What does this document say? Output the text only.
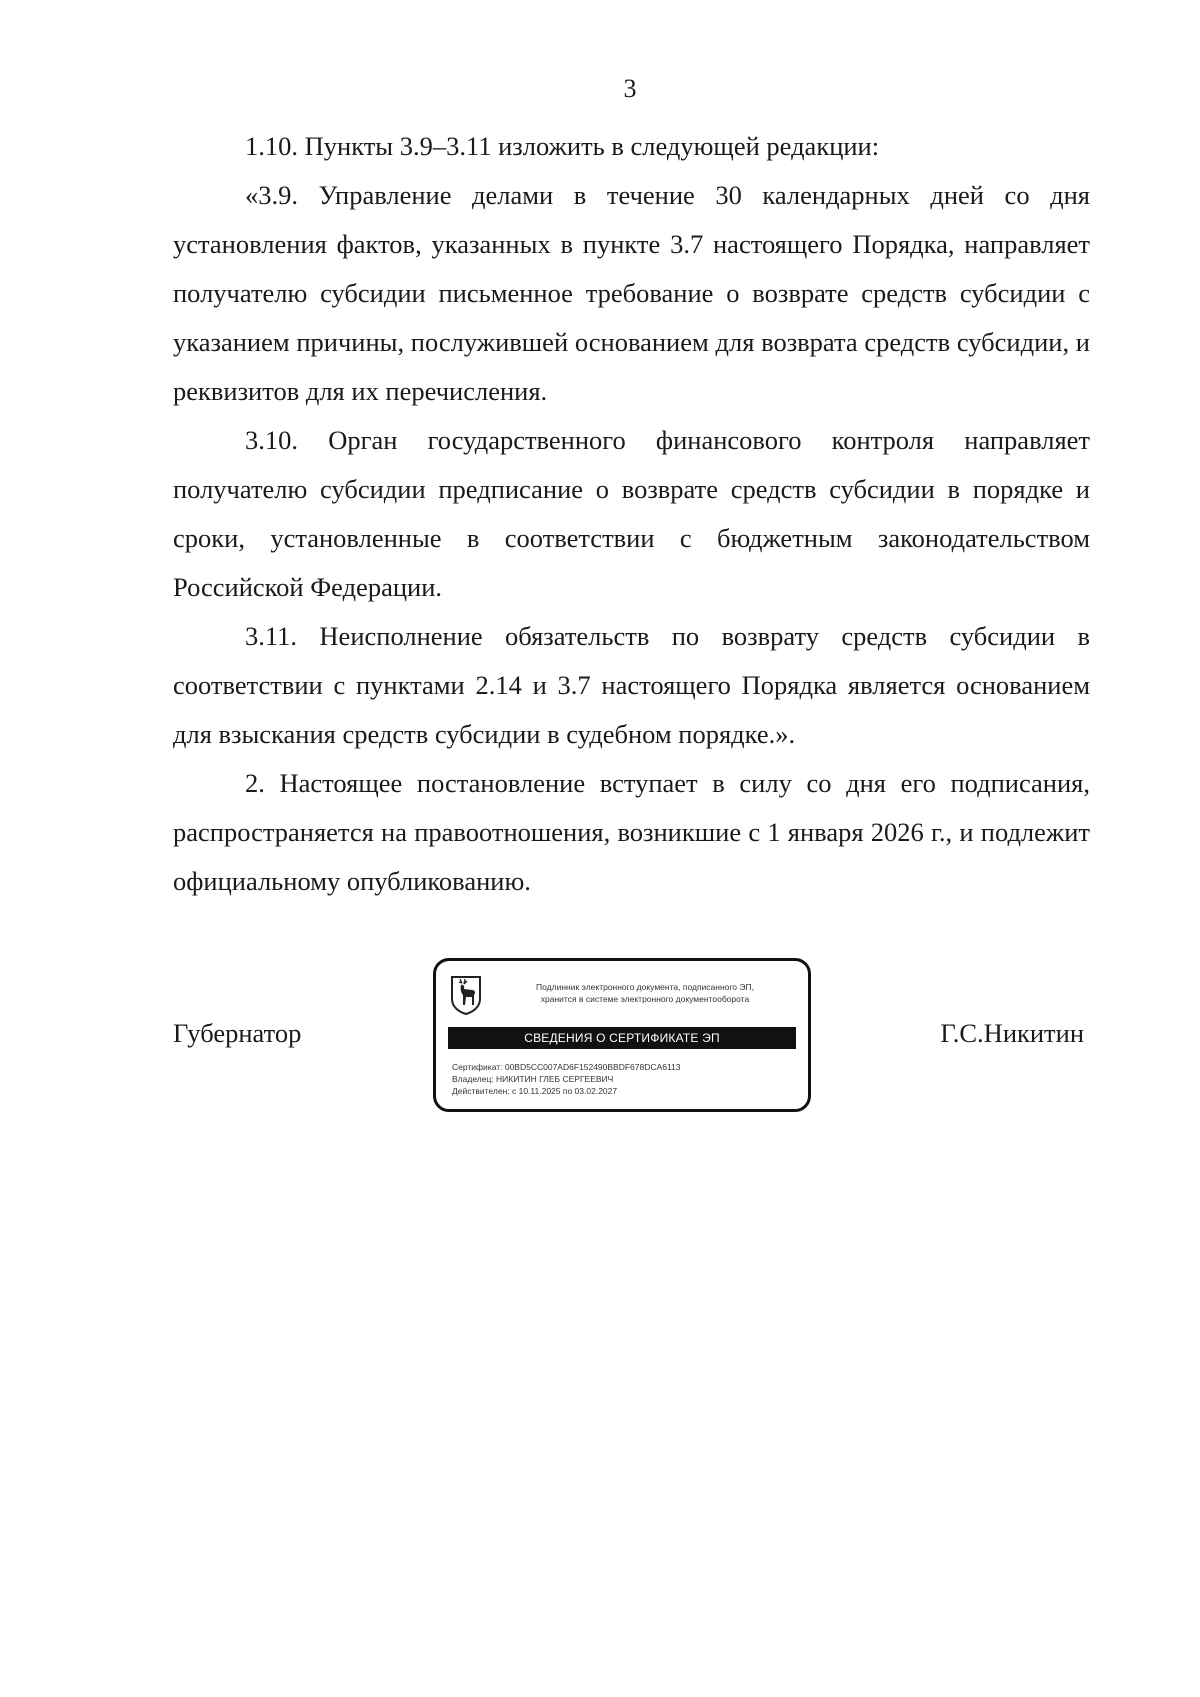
3

1.10. Пункты 3.9–3.11 изложить в следующей редакции:

«3.9. Управление делами в течение 30 календарных дней со дня установления фактов, указанных в пункте 3.7 настоящего Порядка, направляет получателю субсидии письменное требование о возврате средств субсидии с указанием причины, послужившей основанием для возврата средств субсидии, и реквизитов для их перечисления.

3.10. Орган государственного финансового контроля направляет получателю субсидии предписание о возврате средств субсидии в порядке и сроки, установленные в соответствии с бюджетным законодательством Российской Федерации.

3.11. Неисполнение обязательств по возврату средств субсидии в соответствии с пунктами 2.14 и 3.7 настоящего Порядка является основанием для взыскания средств субсидии в судебном порядке.».

2. Настоящее постановление вступает в силу со дня его подписания, распространяется на правоотношения, возникшие с 1 января 2026 г., и подлежит официальному опубликованию.

Губернатор
Подлинник электронного документа, подписанного ЭП,
хранится в системе электронного документооборота
СВЕДЕНИЯ О СЕРТИФИКАТЕ ЭП
Сертификат: 00BD5CC007AD6F152490BBDF678DCA6113
Владелец: НИКИТИН ГЛЕБ СЕРГЕЕВИЧ
Действителен: с 10.11.2025 по 03.02.2027
Г.С.Никитин
